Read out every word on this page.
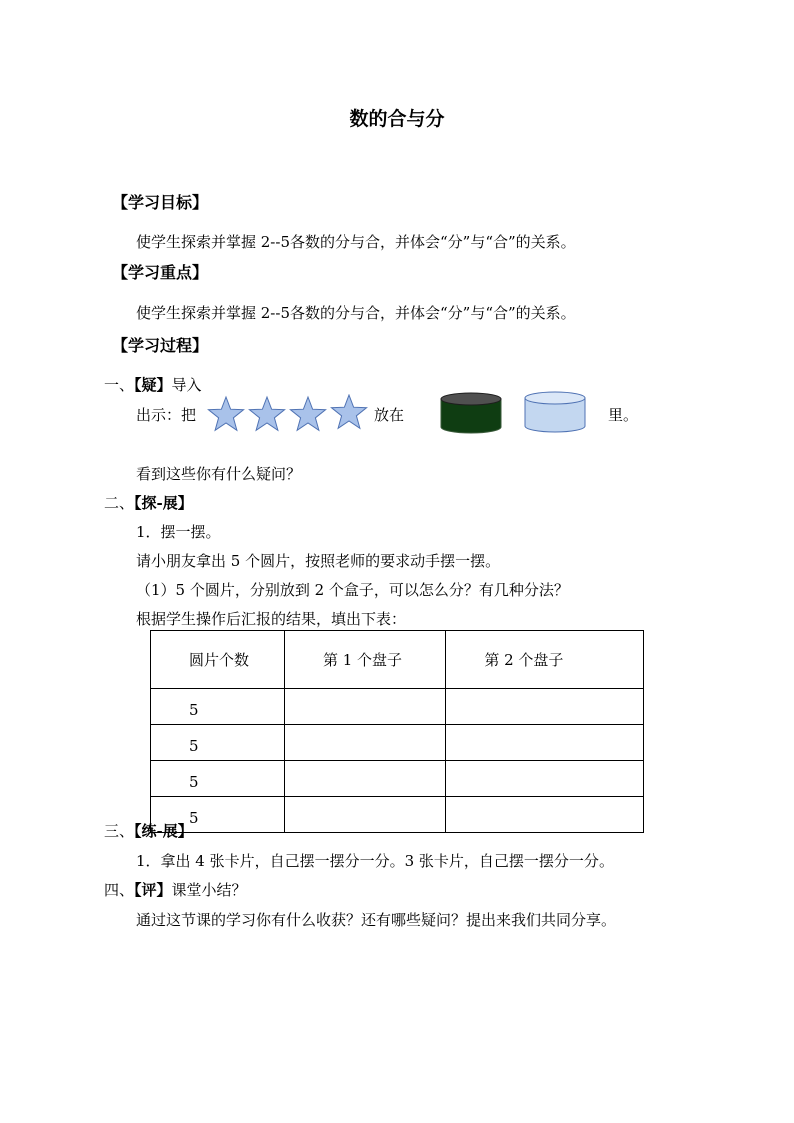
数的合与分
【学习目标】
使学生探索并掌握 2--5各数的分与合，并体会“分”与“合”的关系。
【学习重点】
使学生探索并掌握 2--5各数的分与合，并体会“分”与“合”的关系。
【学习过程】
一、【疑】导入
出示：把	放在	里。
看到这些你有什么疑问？
二、【探-展】
1．摆一摆。
请小朋友拿出 5 个圆片，按照老师的要求动手摆一摆。
（1）5 个圆片，分别放到 2 个盒子，可以怎么分？有几种分法？
根据学生操作后汇报的结果，填出下表：
圆片个数	第 1 个盘子	第 2 个盘子
5		
5		
5		
5		
三、【练-展】
1．拿出 4 张卡片，自己摆一摆分一分。3 张卡片，自己摆一摆分一分。
四、【评】课堂小结？
通过这节课的学习你有什么收获？还有哪些疑问？提出来我们共同分享。
